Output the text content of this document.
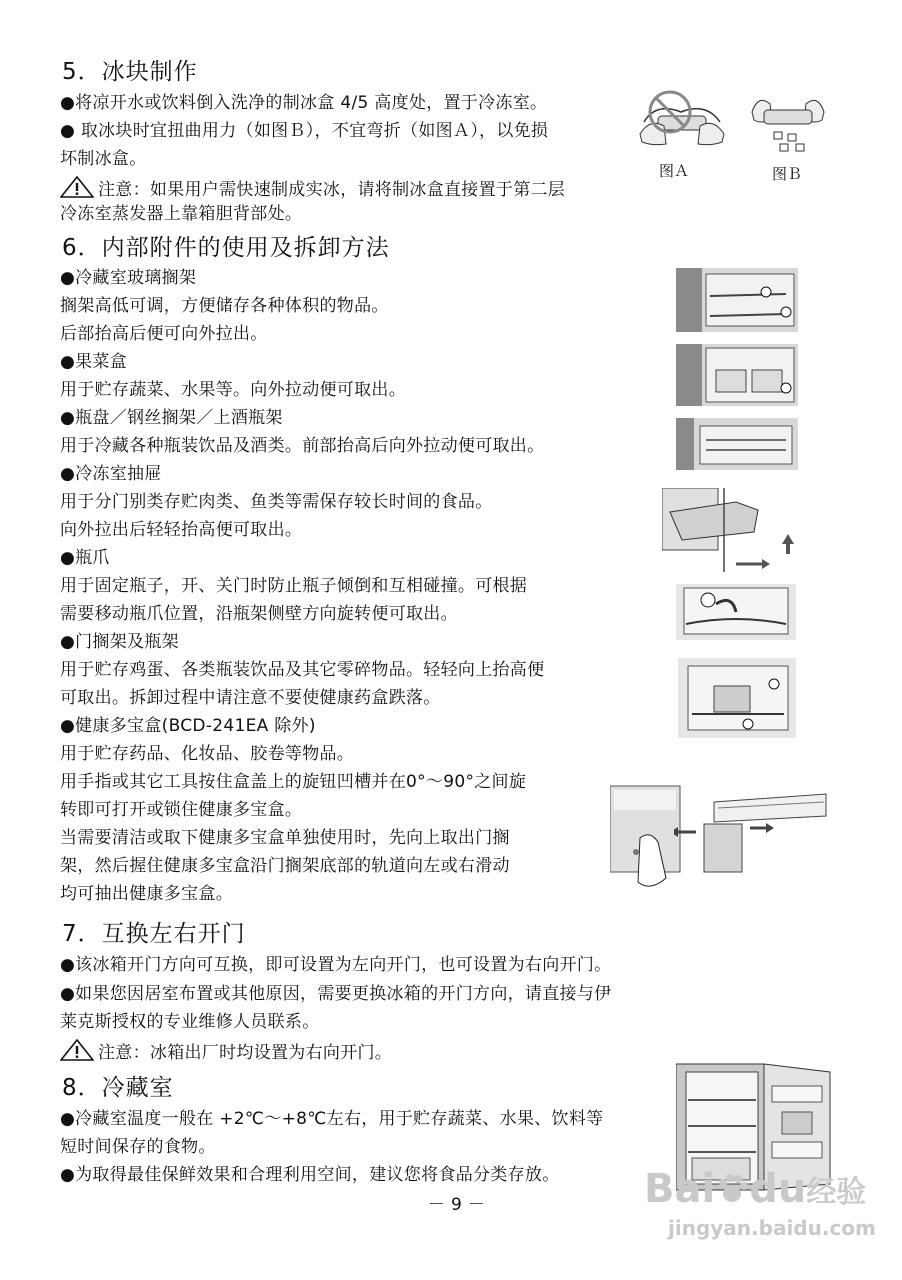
5．冰块制作
●将凉开水或饮料倒入洗净的制冰盒 4/5 高度处，置于冷冻室。
● 取冰块时宜扭曲用力（如图Ｂ），不宜弯折（如图Ａ），以免损
坏制冰盒。
注意：如果用户需快速制成实冰，请将制冰盒直接置于第二层
冷冻室蒸发器上靠箱胆背部处。
图Ａ	图Ｂ
6．内部附件的使用及拆卸方法
●冷藏室玻璃搁架
搁架高低可调，方便储存各种体积的物品。
后部抬高后便可向外拉出。
●果菜盒
用于贮存蔬菜、水果等。向外拉动便可取出。
●瓶盘／钢丝搁架／上酒瓶架
用于冷藏各种瓶装饮品及酒类。前部抬高后向外拉动便可取出。
●冷冻室抽屉
用于分门别类存贮肉类、鱼类等需保存较长时间的食品。
向外拉出后轻轻抬高便可取出。
●瓶爪
用于固定瓶子，开、关门时防止瓶子倾倒和互相碰撞。可根据
需要移动瓶爪位置，沿瓶架侧壁方向旋转便可取出。
●门搁架及瓶架
用于贮存鸡蛋、各类瓶装饮品及其它零碎物品。轻轻向上抬高便
可取出。拆卸过程中请注意不要使健康药盒跌落。
●健康多宝盒(BCD-241EA 除外)
用于贮存药品、化妆品、胶卷等物品。
用手指或其它工具按住盒盖上的旋钮凹槽并在0°～90°之间旋
转即可打开或锁住健康多宝盒。
当需要清洁或取下健康多宝盒单独使用时，先向上取出门搁
架，然后握住健康多宝盒沿门搁架底部的轨道向左或右滑动
均可抽出健康多宝盒。
7．互换左右开门
●该冰箱开门方向可互换，即可设置为左向开门，也可设置为右向开门。
●如果您因居室布置或其他原因，需要更换冰箱的开门方向，请直接与伊
莱克斯授权的专业维修人员联系。
注意：冰箱出厂时均设置为右向开门。
8．冷藏室
●冷藏室温度一般在 +2℃～+8℃左右，用于贮存蔬菜、水果、饮料等
短时间保存的食物。
●为取得最佳保鲜效果和合理利用空间，建议您将食品分类存放。
－ 9 －	Bai du经验
jingyan.baidu.com
